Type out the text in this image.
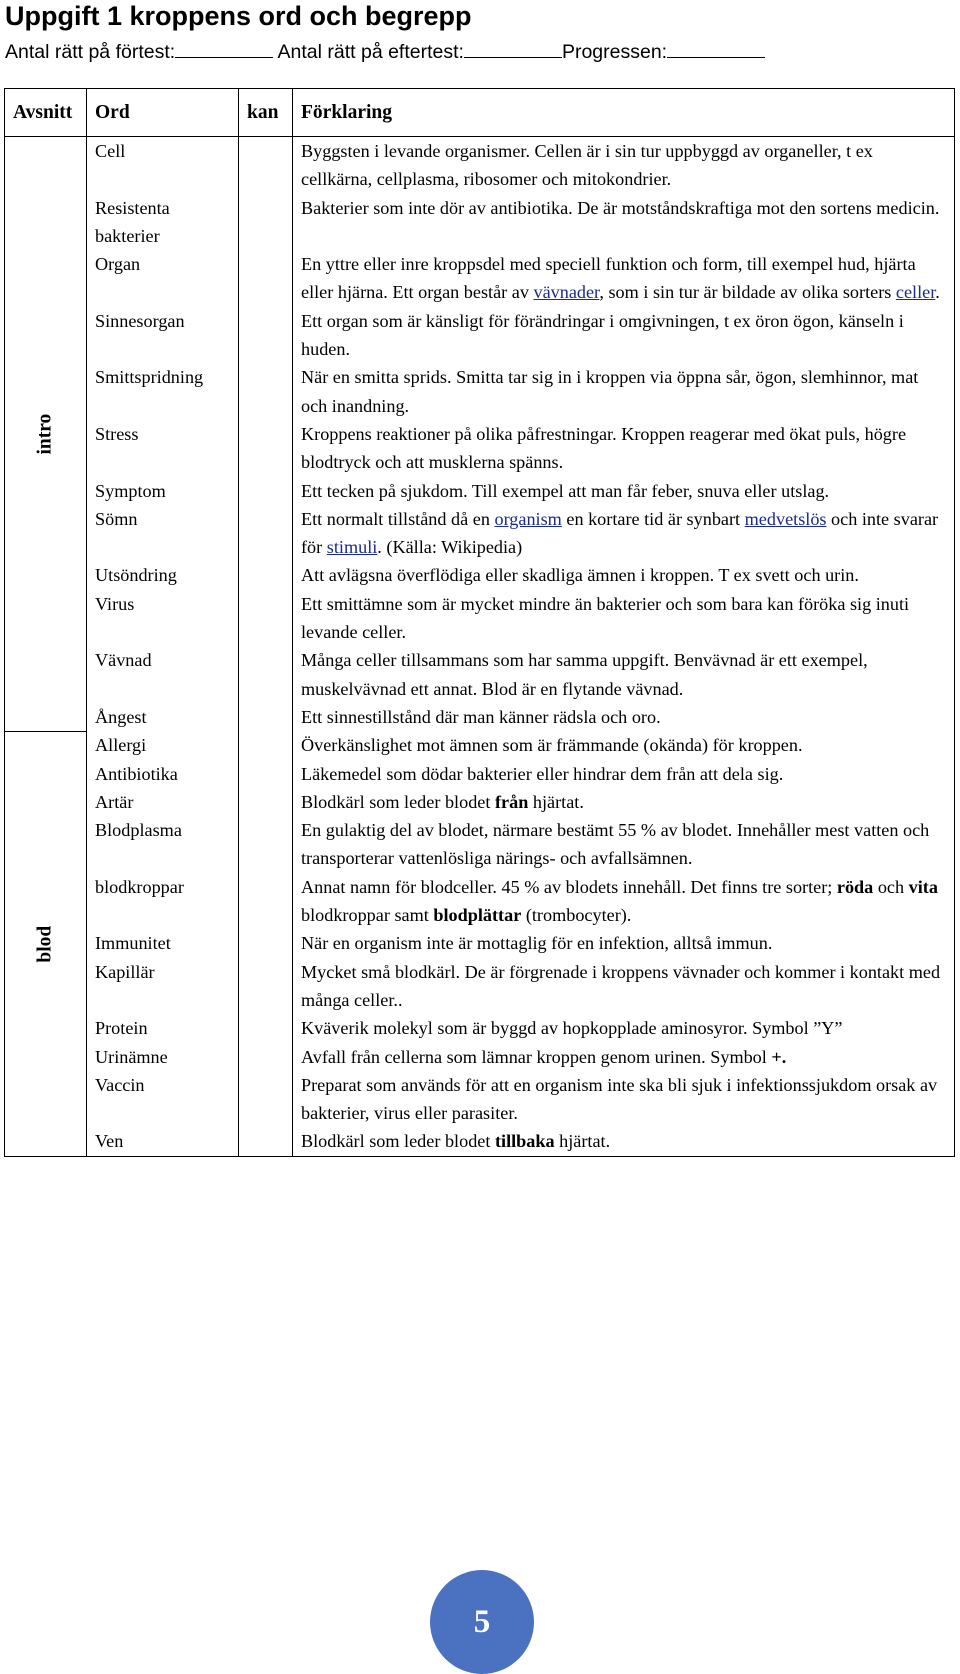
Uppgift 1 kroppens ord och begrepp
Antal rätt på förtest:	Antal rätt på eftertest:	Progressen:
Avsnitt	Ord	kan	Förklaring
intro	Cell		Byggsten i levande organismer. Cellen är i sin tur uppbyggd av organeller, t ex cellkärna, cellplasma, ribosomer och mitokondrier.
	Resistenta bakterier		Bakterier som inte dör av antibiotika. De är motståndskraftiga mot den sortens medicin.
	Organ		En yttre eller inre kroppsdel med speciell funktion och form, till exempel hud, hjärta eller hjärna. Ett organ består av vävnader, som i sin tur är bildade av olika sorters celler.
	Sinnesorgan		Ett organ som är känsligt för förändringar i omgivningen, t ex öron ögon, känseln i huden.
	Smittspridning		När en smitta sprids. Smitta tar sig in i kroppen via öppna sår, ögon, slemhinnor, mat och inandning.
	Stress		Kroppens reaktioner på olika påfrestningar. Kroppen reagerar med ökat puls, högre blodtryck och att musklerna spänns.
	Symptom		Ett tecken på sjukdom. Till exempel att man får feber, snuva eller utslag.
	Sömn		Ett normalt tillstånd då en organism en kortare tid är synbart medvetslös och inte svarar för stimuli. (Källa: Wikipedia)
	Utsöndring		Att avlägsna överflödiga eller skadliga ämnen i kroppen. T ex svett och urin.
	Virus		Ett smittämne som är mycket mindre än bakterier och som bara kan föröka sig inuti levande celler.
	Vävnad		Många celler tillsammans som har samma uppgift. Benvävnad är ett exempel, muskelvävnad ett annat. Blod är en flytande vävnad.
	Ångest		Ett sinnestillstånd där man känner rädsla och oro.
blod	Allergi		Överkänslighet mot ämnen som är främmande (okända) för kroppen.
	Antibiotika		Läkemedel som dödar bakterier eller hindrar dem från att dela sig.
	Artär		Blodkärl som leder blodet från hjärtat.
	Blodplasma		En gulaktig del av blodet, närmare bestämt 55 % av blodet. Innehåller mest vatten och transporterar vattenlösliga närings- och avfallsämnen.
	blodkroppar		Annat namn för blodceller. 45 % av blodets innehåll. Det finns tre sorter; röda och vita blodkroppar samt blodplättar (trombocyter).
	Immunitet		När en organism inte är mottaglig för en infektion, alltså immun.
	Kapillär		Mycket små blodkärl. De är förgrenade i kroppens vävnader och kommer i kontakt med många celler..
	Protein		Kväverik molekyl som är byggd av hopkopplade aminosyror. Symbol ”Y”
	Urinämne		Avfall från cellerna som lämnar kroppen genom urinen. Symbol +.
	Vaccin		Preparat som används för att en organism inte ska bli sjuk i infektionssjukdom orsak av bakterier, virus eller parasiter.
	Ven		Blodkärl som leder blodet tillbaka hjärtat.
5
